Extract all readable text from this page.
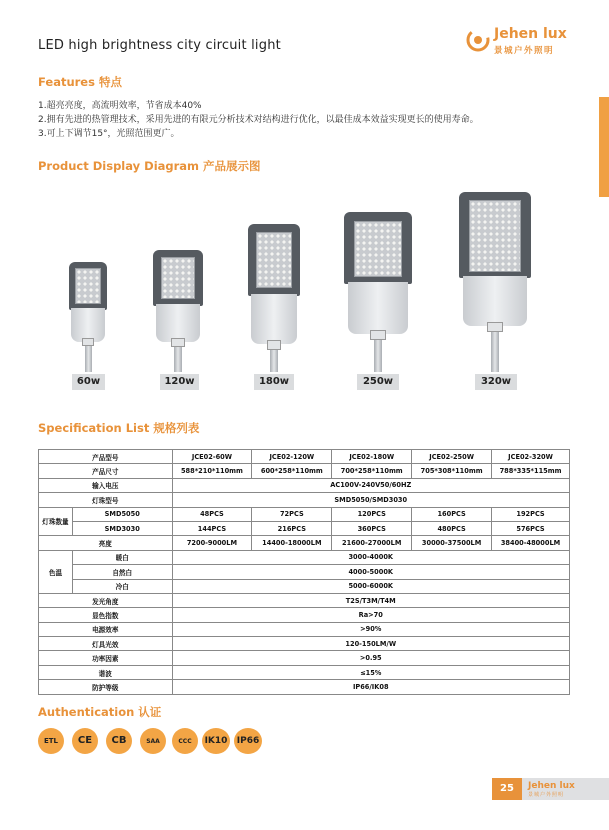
LED high brightness city circuit light
Jehen lux
景城户外照明
Features 特点
1.超亮亮度，高流明效率，节省成本40%
2.拥有先进的热管理技术，采用先进的有限元分析技术对结构进行优化，以最佳成本效益实现更长的使用寿命。
3.可上下调节15°，光照范围更广。
Product Display Diagram 产品展示图
60w	120w	180w	250w	320w
Specification List 规格列表
产品型号		JCE02-60W	JCE02-120W	JCE02-180W	JCE02-250W	JCE02-320W
产品尺寸		588*210*110mm	600*258*110mm	700*258*110mm	705*308*110mm	788*335*115mm
输入电压		AC100V-240V50/60HZ				
灯珠型号		SMD5050/SMD3030				
灯珠数量	SMD5050	48PCS	72PCS	120PCS	160PCS	192PCS
	SMD3030	144PCS	216PCS	360PCS	480PCS	576PCS
亮度		7200-9000LM	14400-18000LM	21600-27000LM	30000-37500LM	38400-48000LM
色温	暖白	3000-4000K				
	自然白	4000-5000K				
	冷白	5000-6000K				
发光角度		T2S/T3M/T4M				
显色指数		Ra>70				
电源效率		>90%				
灯具光效		120-150LM/W				
功率因素		>0.95				
谐波		≤15%				
防护等级		IP66/IK08				
Authentication 认证
ETL	CE	CB	SAA	CCC	IK10	IP66
25	Jehen lux
景城户外照明
